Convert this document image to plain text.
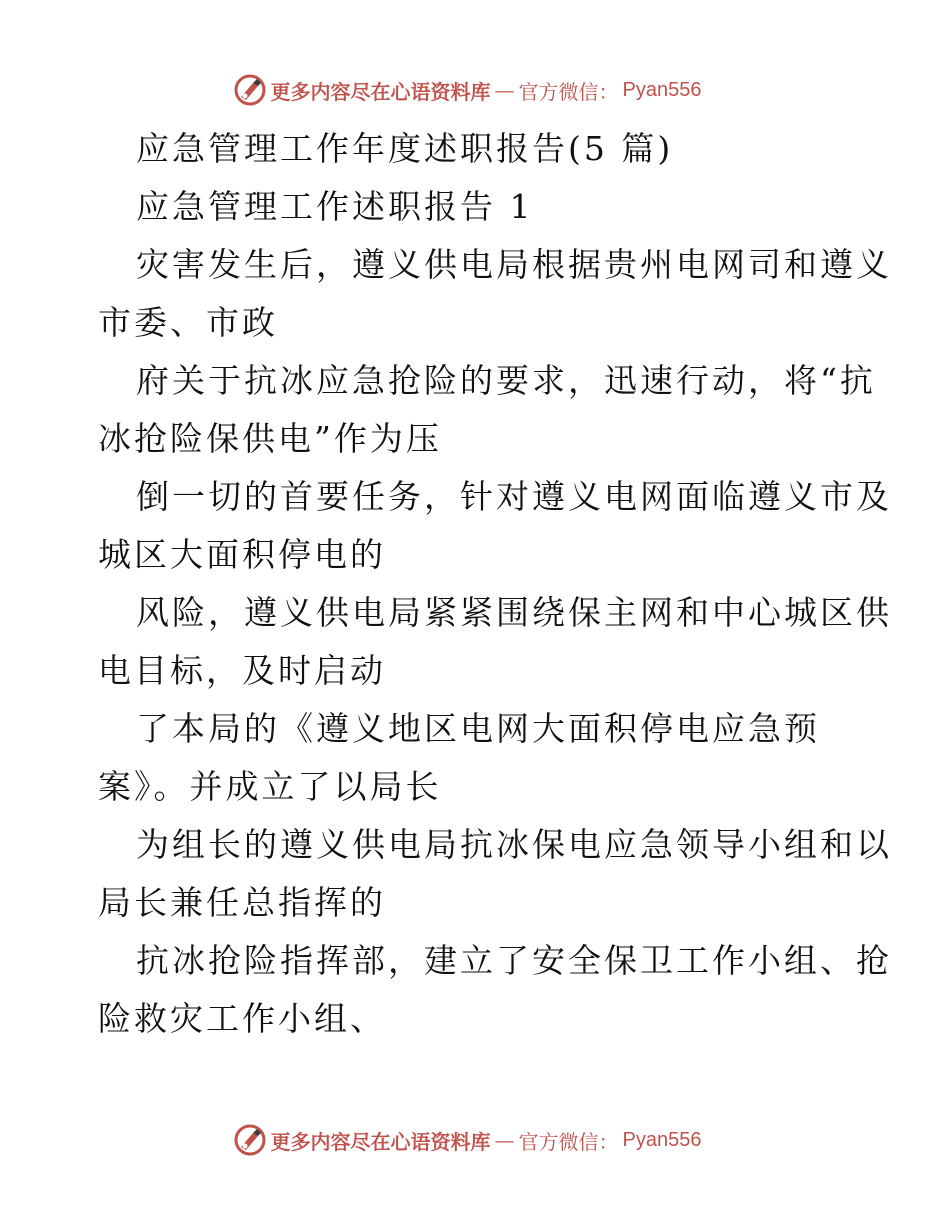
更多内容尽在心语资料库 — 官方微信： Pyan556
应急管理工作年度述职报告(5 篇)
应急管理工作述职报告 1
灾害发生后，遵义供电局根据贵州电网司和遵义
市委、市政
府关于抗冰应急抢险的要求，迅速行动，将“抗
冰抢险保供电”作为压
倒一切的首要任务，针对遵义电网面临遵义市及
城区大面积停电的
风险，遵义供电局紧紧围绕保主网和中心城区供
电目标，及时启动
了本局的《遵义地区电网大面积停电应急预
案》。并成立了以局长
为组长的遵义供电局抗冰保电应急领导小组和以
局长兼任总指挥的
抗冰抢险指挥部，建立了安全保卫工作小组、抢
险救灾工作小组、
更多内容尽在心语资料库 — 官方微信： Pyan556
